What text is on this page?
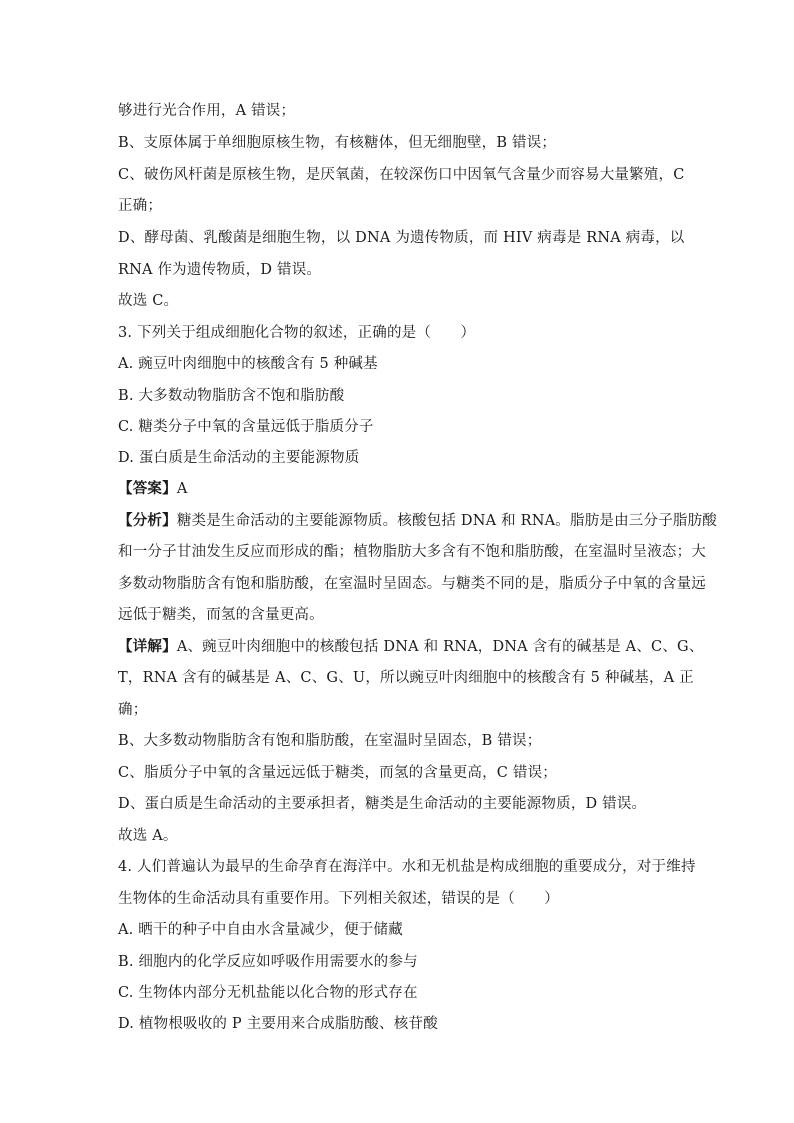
够进行光合作用，A 错误；
B、支原体属于单细胞原核生物，有核糖体，但无细胞壁，B 错误；
C、破伤风杆菌是原核生物，是厌氧菌，在较深伤口中因氧气含量少而容易大量繁殖，C
正确；
D、酵母菌、乳酸菌是细胞生物，以 DNA 为遗传物质，而 HIV 病毒是 RNA 病毒，以
RNA 作为遗传物质，D 错误。
故选 C。
3. 下列关于组成细胞化合物的叙述，正确的是（　　）
A. 豌豆叶肉细胞中的核酸含有 5 种碱基
B. 大多数动物脂肪含不饱和脂肪酸
C. 糖类分子中氧的含量远低于脂质分子
D. 蛋白质是生命活动的主要能源物质
【答案】A
【分析】糖类是生命活动的主要能源物质。核酸包括 DNA 和 RNA。脂肪是由三分子脂肪酸
和一分子甘油发生反应而形成的酯；植物脂肪大多含有不饱和脂肪酸，在室温时呈液态；大
多数动物脂肪含有饱和脂肪酸，在室温时呈固态。与糖类不同的是，脂质分子中氧的含量远
远低于糖类，而氢的含量更高。
【详解】A、豌豆叶肉细胞中的核酸包括 DNA 和 RNA，DNA 含有的碱基是 A、C、G、
T，RNA 含有的碱基是 A、C、G、U，所以豌豆叶肉细胞中的核酸含有 5 种碱基，A 正
确；
B、大多数动物脂肪含有饱和脂肪酸，在室温时呈固态，B 错误；
C、脂质分子中氧的含量远远低于糖类，而氢的含量更高，C 错误；
D、蛋白质是生命活动的主要承担者，糖类是生命活动的主要能源物质，D 错误。
故选 A。
4. 人们普遍认为最早的生命孕育在海洋中。水和无机盐是构成细胞的重要成分，对于维持
生物体的生命活动具有重要作用。下列相关叙述，错误的是（　　）
A. 晒干的种子中自由水含量减少，便于储藏
B. 细胞内的化学反应如呼吸作用需要水的参与
C. 生物体内部分无机盐能以化合物的形式存在
D. 植物根吸收的 P 主要用来合成脂肪酸、核苷酸
